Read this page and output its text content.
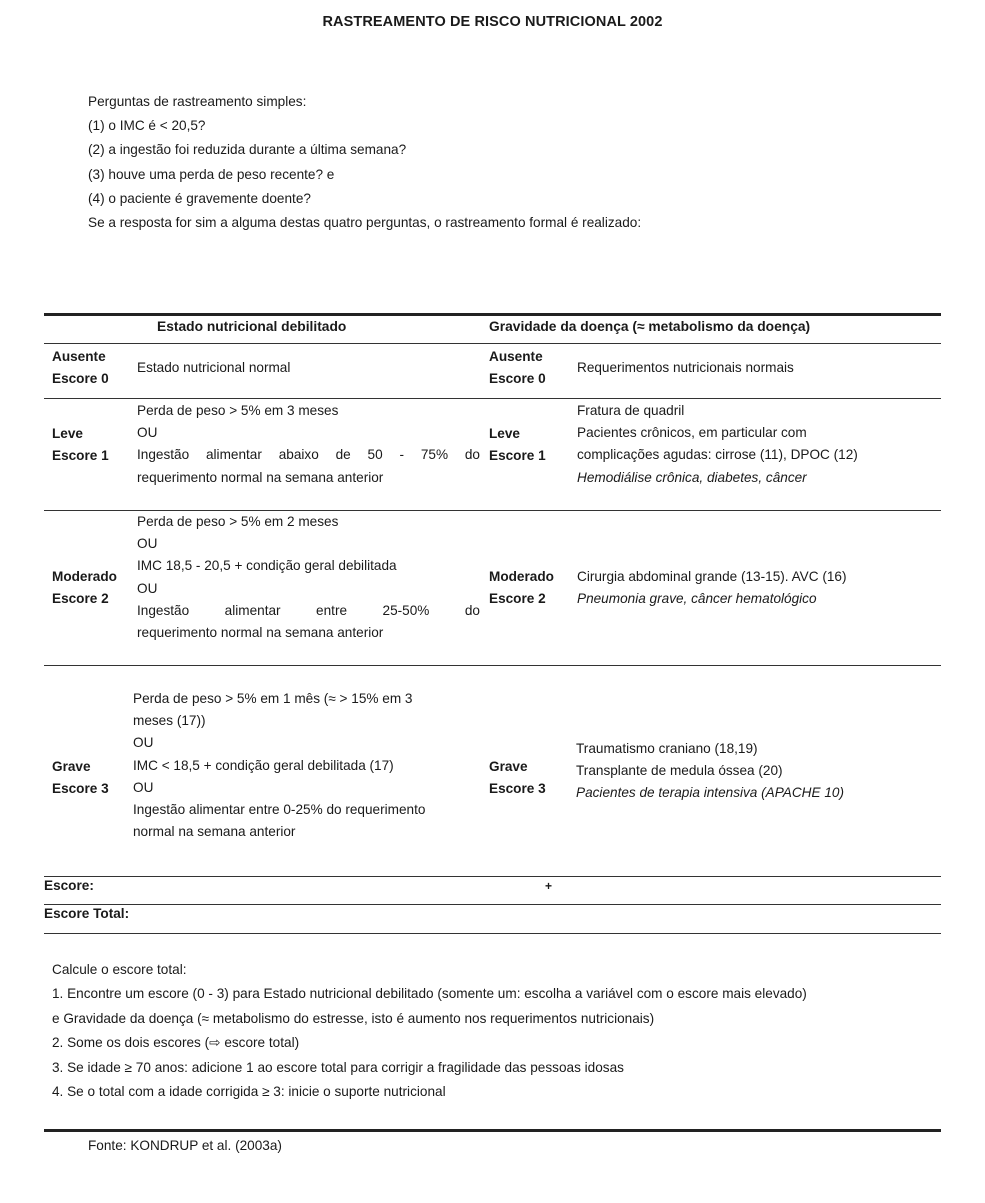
RASTREAMENTO DE RISCO NUTRICIONAL 2002
Perguntas de rastreamento simples:
(1) o IMC é < 20,5?
(2) a ingestão foi reduzida durante a última semana?
(3) houve uma perda de peso recente? e
(4) o paciente é gravemente doente?
Se a resposta for sim a alguma destas quatro perguntas, o rastreamento formal é realizado:
Estado nutricional debilitado	Gravidade da doença (≈ metabolismo da doença)
Ausente
Escore 0
Estado nutricional normal
Ausente
Escore 0
Requerimentos nutricionais normais
Leve
Escore 1
Perda de peso > 5% em 3 meses
OU
Ingestão alimentar abaixo de 50 - 75% do
requerimento normal na semana anterior
Leve
Escore 1
Fratura de quadril
Pacientes crônicos, em particular com
complicações agudas: cirrose (11), DPOC (12)
Hemodiálise crônica, diabetes, câncer
Moderado
Escore 2
Perda de peso > 5% em 2 meses
OU
IMC 18,5 - 20,5 + condição geral debilitada
OU
Ingestão alimentar entre 25-50% do
requerimento normal na semana anterior
Moderado
Escore 2
Cirurgia abdominal grande (13-15). AVC (16)
Pneumonia grave, câncer hematológico
Grave
Escore 3
Perda de peso > 5% em 1 mês (≈ > 15% em 3
meses (17))
OU
IMC < 18,5 + condição geral debilitada (17)
OU
Ingestão alimentar entre 0-25% do requerimento
normal na semana anterior
Grave
Escore 3
Traumatismo craniano (18,19)
Transplante de medula óssea (20)
Pacientes de terapia intensiva (APACHE 10)
Escore:	+
Escore Total:
Calcule o escore total:
1. Encontre um escore (0 - 3) para Estado nutricional debilitado (somente um: escolha a variável com o escore mais elevado)
e Gravidade da doença (≈ metabolismo do estresse, isto é aumento nos requerimentos nutricionais)
2. Some os dois escores (⇨ escore total)
3. Se idade ≥ 70 anos: adicione 1 ao escore total para corrigir a fragilidade das pessoas idosas
4. Se o total com a idade corrigida ≥ 3: inicie o suporte nutricional
Fonte: KONDRUP et al. (2003a)
